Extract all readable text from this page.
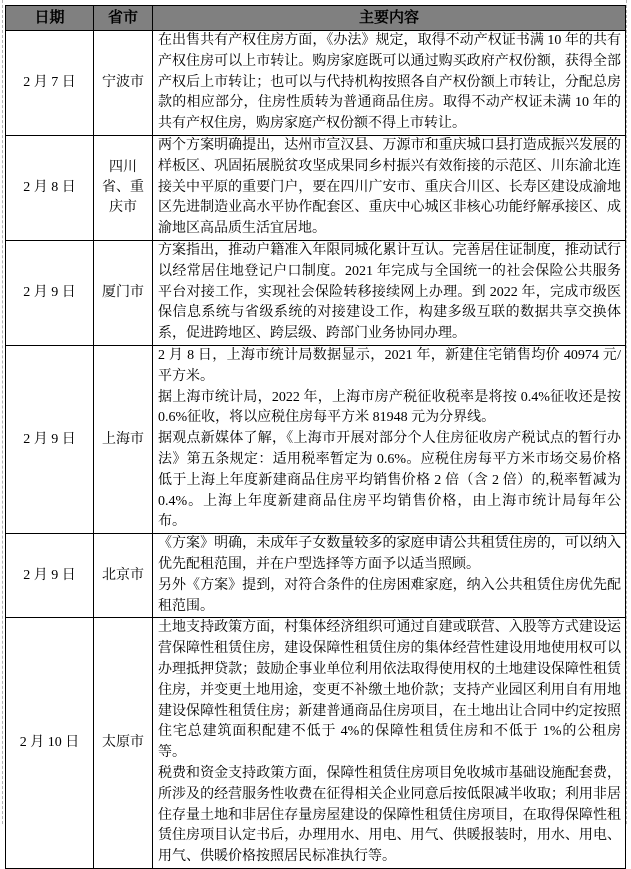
日期	省市	主要内容
2 月 7 日	宁波市	在出售共有产权住房方面，《办法》规定，取得不动产权证书满 10 年的共有产权住房可以上市转让。购房家庭既可以通过购买政府产权份额，获得全部产权后上市转让；也可以与代持机构按照各自产权份额上市转让，分配总房款的相应部分，住房性质转为普通商品住房。取得不动产权证未满 10 年的共有产权住房，购房家庭产权份额不得上市转让。

2 月 8 日	四川省、重庆市	两个方案明确提出，达州市宣汉县、万源市和重庆城口县打造成振兴发展的样板区、巩固拓展脱贫攻坚成果同乡村振兴有效衔接的示范区、川东渝北连接关中平原的重要门户，要在四川广安市、重庆合川区、长寿区建设成渝地区先进制造业高水平协作配套区、重庆中心城区非核心功能纾解承接区、成渝地区高品质生活宜居地。

2 月 9 日	厦门市	方案指出，推动户籍准入年限同城化累计互认。完善居住证制度，推动试行以经常居住地登记户口制度。2021 年完成与全国统一的社会保险公共服务平台对接工作，实现社会保险转移接续网上办理。到 2022 年，完成市级医保信息系统与省级系统的对接建设工作，构建多级互联的数据共享交换体系，促进跨地区、跨层级、跨部门业务协同办理。

2 月 9 日	上海市	2 月 8 日，上海市统计局数据显示，2021 年，新建住宅销售均价 40974 元/平方米。

据上海市统计局，2022 年，上海市房产税征收税率是将按 0.4%征收还是按 0.6%征收，将以应税住房每平方米 81948 元为分界线。

据观点新媒体了解，《上海市开展对部分个人住房征收房产税试点的暂行办法》第五条规定：适用税率暂定为 0.6%。应税住房每平方米市场交易价格低于上海上年度新建商品住房平均销售价格 2 倍（含 2 倍）的,税率暂减为 0.4%。上海上年度新建商品住房平均销售价格，由上海市统计局每年公布。

2 月 9 日	北京市	《方案》明确，未成年子女数量较多的家庭申请公共租赁住房的，可以纳入优先配租范围，并在户型选择等方面予以适当照顾。

另外《方案》提到，对符合条件的住房困难家庭，纳入公共租赁住房优先配租范围。

2 月 10 日	太原市	土地支持政策方面，村集体经济组织可通过自建或联营、入股等方式建设运营保障性租赁住房，建设保障性租赁住房的集体经营性建设用地使用权可以办理抵押贷款；鼓励企事业单位利用依法取得使用权的土地建设保障性租赁住房，并变更土地用途，变更不补缴土地价款；支持产业园区利用自有用地建设保障性租赁住房；新建普通商品住房项目，在土地出让合同中约定按照住宅总建筑面积配建不低于 4%的保障性租赁住房和不低于 1%的公租房等。

税费和资金支持政策方面，保障性租赁住房项目免收城市基础设施配套费，所涉及的经营服务性收费在征得相关企业同意后按低限减半收取；利用非居住存量土地和非居住存量房屋建设的保障性租赁住房项目，在取得保障性租赁住房项目认定书后，办理用水、用电、用气、供暖报装时，用水、用电、用气、供暖价格按照居民标准执行等。
